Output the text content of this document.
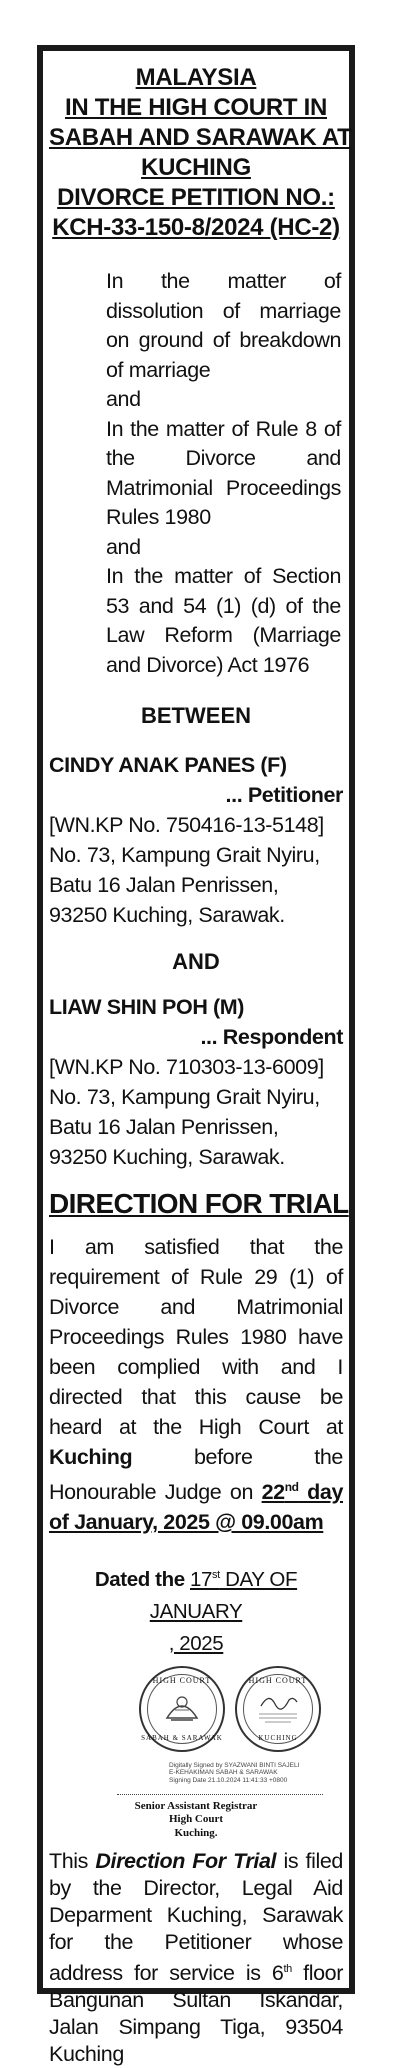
MALAYSIA
IN THE HIGH COURT IN
SABAH AND SARAWAK AT
KUCHING
DIVORCE PETITION NO.:
KCH-33-150-8/2024 (HC-2)

In the matter of dissolution of marriage on ground of breakdown of marriage

and

In the matter of Rule 8 of the Divorce and Matrimonial Proceedings Rules 1980

and

In the matter of Section 53 and 54 (1) (d) of the Law Reform (Marriage and Divorce) Act 1976

BETWEEN
CINDY ANAK PANES (F)
... Petitioner
[WN.KP No. 750416-13-5148]
No. 73, Kampung Grait Nyiru,
Batu 16 Jalan Penrissen,
93250 Kuching, Sarawak.
AND
LIAW SHIN POH (M)
... Respondent
[WN.KP No. 710303-13-6009]
No. 73, Kampung Grait Nyiru,
Batu 16 Jalan Penrissen,
93250 Kuching, Sarawak.
DIRECTION FOR TRIAL
I am satisfied that the requirement of Rule 29 (1) of Divorce and Matrimonial Proceedings Rules 1980 have been complied with and I directed that this cause be heard at the High Court at Kuching before the Honourable Judge on 22nd day of January, 2025 @ 09.00am
Dated the 17st DAY OF JANUARY
, 2025
HIGH COURT
SABAH & SARAWAK
HIGH COURT
KUCHING
Digitally Signed by SYAZWANI BINTI SAJELI
E-KEHAKIMAN SABAH & SARAWAK
Signing Date 21.10.2024 11:41:33 +0800
Senior Assistant Registrar
High Court
Kuching.
This Direction For Trial is filed by the Director, Legal Aid Deparment Kuching, Sarawak for the Petitioner whose address for service is 6th floor Bangunan Sultan Iskandar, Jalan Simpang Tiga, 93504 Kuching
